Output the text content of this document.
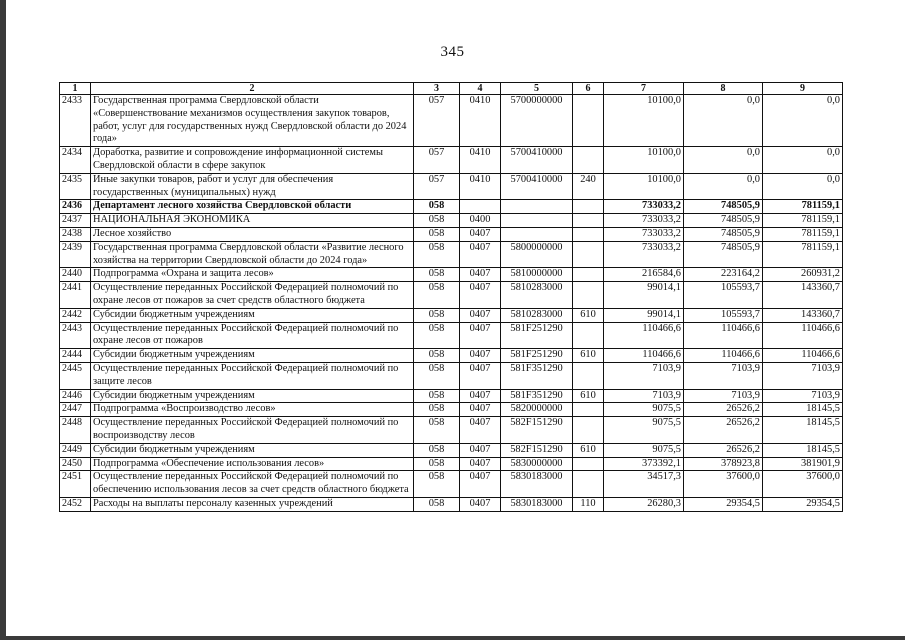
345
1	2	3	4	5	6	7	8	9
2433	Государственная программа Свердловской области «Совершенствование механизмов осуществления закупок товаров, работ, услуг для государственных нужд Свердловской области до 2024 года»	057	0410	5700000000		10100,0	0,0	0,0
2434	Доработка, развитие и сопровождение информационной системы Свердловской области в сфере закупок	057	0410	5700410000		10100,0	0,0	0,0
2435	Иные закупки товаров, работ и услуг для обеспечения государственных (муниципальных) нужд	057	0410	5700410000	240	10100,0	0,0	0,0
2436	Департамент лесного хозяйства Свердловской области	058				733033,2	748505,9	781159,1
2437	НАЦИОНАЛЬНАЯ ЭКОНОМИКА	058	0400			733033,2	748505,9	781159,1
2438	Лесное хозяйство	058	0407			733033,2	748505,9	781159,1
2439	Государственная программа Свердловской области «Развитие лесного хозяйства на территории Свердловской области до 2024 года»	058	0407	5800000000		733033,2	748505,9	781159,1
2440	Подпрограмма «Охрана и защита лесов»	058	0407	5810000000		216584,6	223164,2	260931,2
2441	Осуществление переданных Российской Федерацией полномочий по охране лесов от пожаров за счет средств областного бюджета	058	0407	5810283000		99014,1	105593,7	143360,7
2442	Субсидии бюджетным учреждениям	058	0407	5810283000	610	99014,1	105593,7	143360,7
2443	Осуществление переданных Российской Федерацией полномочий по охране лесов от пожаров	058	0407	581F251290		110466,6	110466,6	110466,6
2444	Субсидии бюджетным учреждениям	058	0407	581F251290	610	110466,6	110466,6	110466,6
2445	Осуществление переданных Российской Федерацией полномочий по защите лесов	058	0407	581F351290		7103,9	7103,9	7103,9
2446	Субсидии бюджетным учреждениям	058	0407	581F351290	610	7103,9	7103,9	7103,9
2447	Подпрограмма «Воспроизводство лесов»	058	0407	5820000000		9075,5	26526,2	18145,5
2448	Осуществление переданных Российской Федерацией полномочий по воспроизводству лесов	058	0407	582F151290		9075,5	26526,2	18145,5
2449	Субсидии бюджетным учреждениям	058	0407	582F151290	610	9075,5	26526,2	18145,5
2450	Подпрограмма «Обеспечение использования лесов»	058	0407	5830000000		373392,1	378923,8	381901,9
2451	Осуществление переданных Российской Федерацией полномочий по обеспечению использования лесов за счет средств областного бюджета	058	0407	5830183000		34517,3	37600,0	37600,0
2452	Расходы на выплаты персоналу казенных учреждений	058	0407	5830183000	110	26280,3	29354,5	29354,5
